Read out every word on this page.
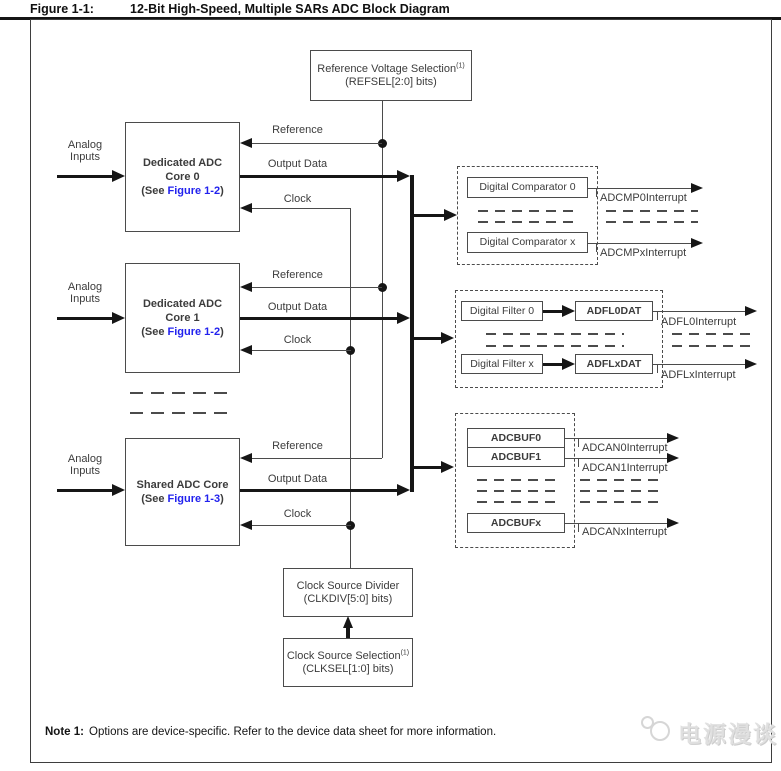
Figure 1-1:	12-Bit High-Speed, Multiple SARs ADC Block Diagram
Reference Voltage Selection$^{(1)}$
(REFSEL[2:0] bits)
Dedicated ADC
Core 0
(See Figure 1-2)
Analog
Inputs
Reference
Output Data
Clock
Dedicated ADC
Core 1
(See Figure 1-2)
Analog
Inputs
Reference
Output Data
Clock
Shared ADC Core
(See Figure 1-3)
Analog
Inputs
Reference
Output Data
Clock
Digital Comparator 0
Digital Comparator x
ADCMP0Interrupt
ADCMPxInterrupt
Digital Filter 0	ADFL0DAT
ADFL0Interrupt
Digital Filter x	ADFLxDAT
ADFLxInterrupt
ADCBUF0
ADCBUF1
ADCAN0Interrupt
ADCAN1Interrupt
ADCBUFx
ADCANxInterrupt
Clock Source Divider
(CLKDIV[5:0] bits)
Clock Source Selection$^{(1)}$
(CLKSEL[1:0] bits)
Note 1: Options are device-specific. Refer to the device data sheet for more information.	电源漫谈
